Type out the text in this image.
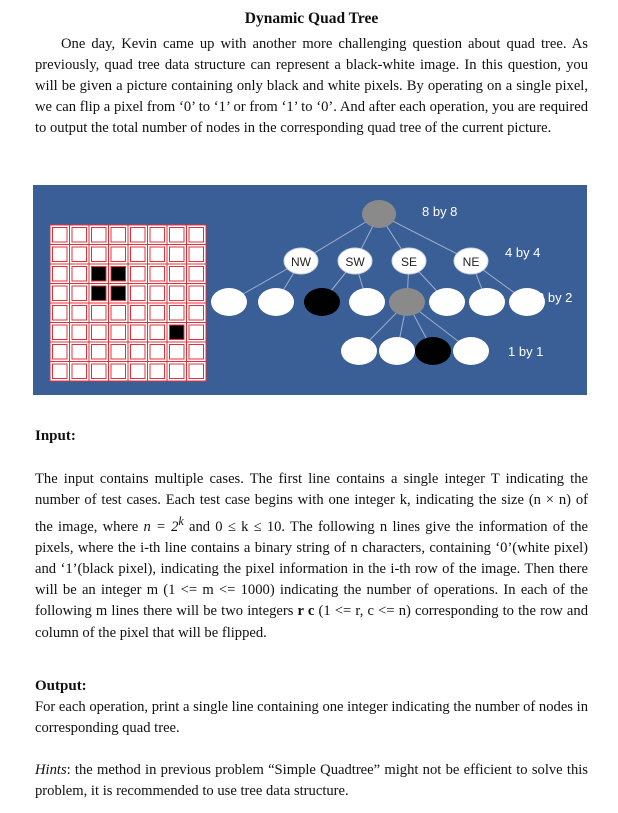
Dynamic Quad Tree

One day, Kevin came up with another more challenging question about quad tree. As previously, quad tree data structure can represent a black-white image. In this question, you will be given a picture containing only black and white pixels. By operating on a single pixel, we can flip a pixel from ‘0’ to ‘1’ or from ‘1’ to ‘0’. And after each operation, you are required to output the total number of nodes in the corresponding quad tree of the current picture.

Input:

The input contains multiple cases. The first line contains a single integer T indicating the number of test cases. Each test case begins with one integer k, indicating the size (n × n) of the image, where $n = 2^k$ and 0 ≤ k ≤ 10. The following n lines give the information of the pixels, where the i-th line contains a binary string of n characters, containing ‘0’(white pixel) and ‘1’(black pixel), indicating the pixel information in the i-th row of the image. Then there will be an integer m (1 <= m <= 1000) indicating the number of operations. In each of the following m lines there will be two integers r c (1 <= r, c <= n) corresponding to the row and column of the pixel that will be flipped.

Output:

For each operation, print a single line containing one integer indicating the number of nodes in corresponding quad tree.

Hints: the method in previous problem “Simple Quadtree” might not be efficient to solve this problem, it is recommended to use tree data structure.

NW	SW	SE	NE
8 by 8
4 by 4
2 by 2
1 by 1
